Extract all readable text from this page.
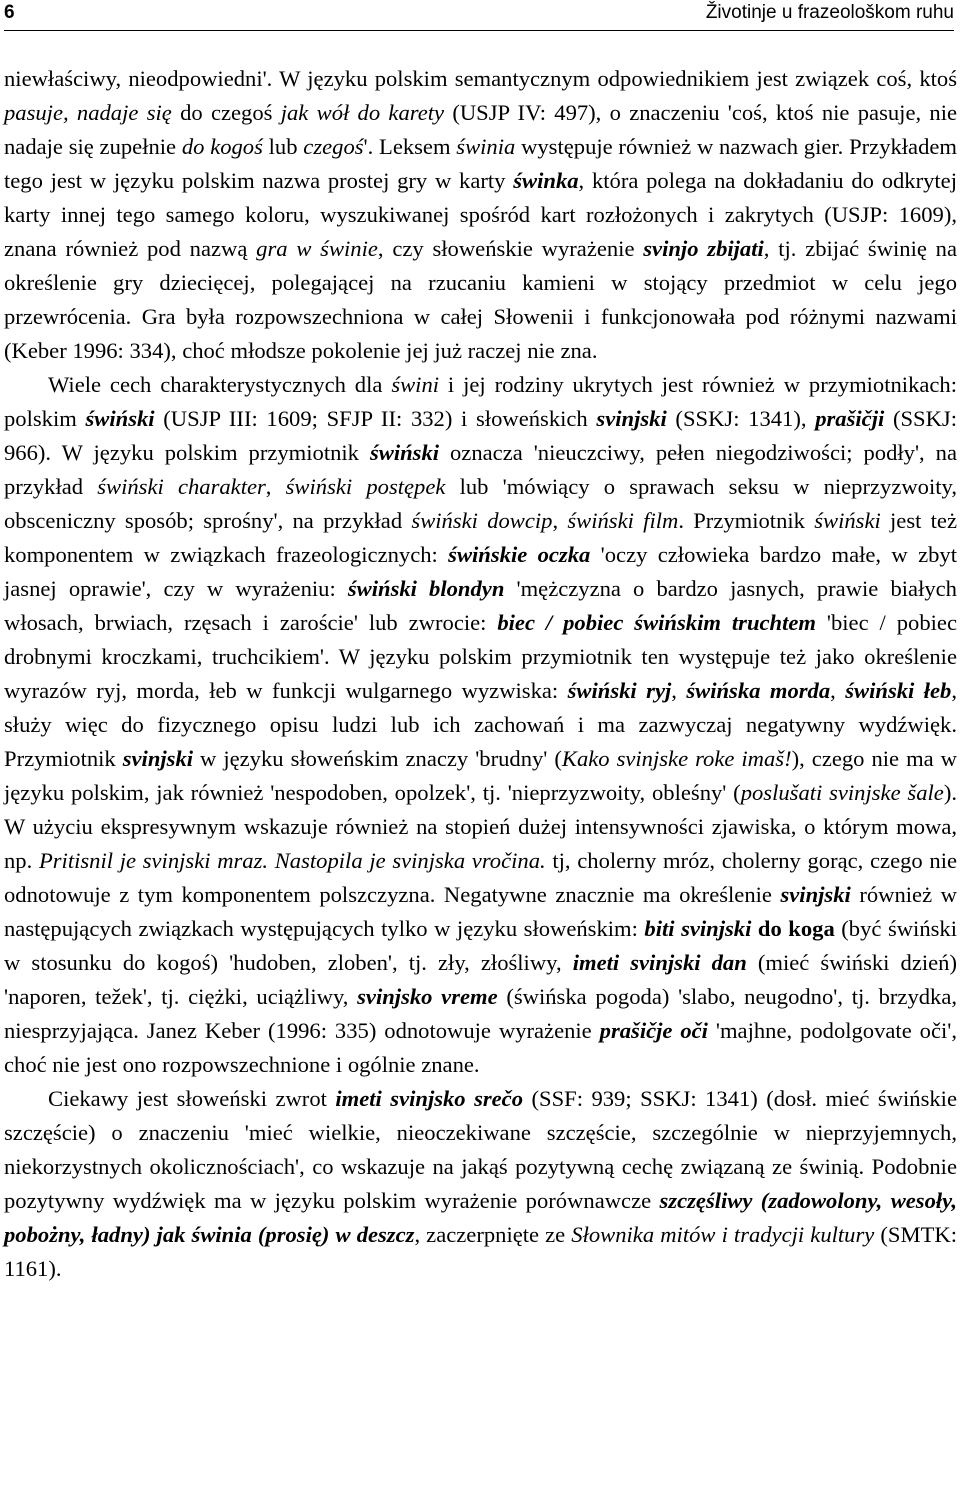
6	Životinje u frazeološkom ruhu

niewłaściwy, nieodpowiedni'. W języku polskim semantycznym odpowiednikiem jest związek coś, ktoś pasuje, nadaje się do czegoś jak wół do karety (USJP IV: 497), o znaczeniu 'coś, ktoś nie pasuje, nie nadaje się zupełnie do kogoś lub czegoś'. Leksem świnia występuje również w nazwach gier. Przykładem tego jest w języku polskim nazwa prostej gry w karty świnka, która polega na dokładaniu do odkrytej karty innej tego samego koloru, wyszukiwanej spośród kart rozłożonych i zakrytych (USJP: 1609), znana również pod nazwą gra w świnie, czy słoweńskie wyrażenie svinjo zbijati, tj. zbijać świnię na określenie gry dziecięcej, polegającej na rzucaniu kamieni w stojący przedmiot w celu jego przewrócenia. Gra była rozpowszechniona w całej Słowenii i funkcjonowała pod różnymi nazwami (Keber 1996: 334), choć młodsze pokolenie jej już raczej nie zna.

Wiele cech charakterystycznych dla świni i jej rodziny ukrytych jest również w przymiotnikach: polskim świński (USJP III: 1609; SFJP II: 332) i słoweńskich svinjski (SSKJ: 1341), prašičji (SSKJ: 966). W języku polskim przymiotnik świński oznacza 'nieuczciwy, pełen niegodziwości; podły', na przykład świński charakter, świński postępek lub 'mówiący o sprawach seksu w nieprzyzwoity, obsceniczny sposób; sprośny', na przykład świński dowcip, świński film. Przymiotnik świński jest też komponentem w związkach frazeologicznych: świńskie oczka 'oczy człowieka bardzo małe, w zbyt jasnej oprawie', czy w wyrażeniu: świński blondyn 'mężczyzna o bardzo jasnych, prawie białych włosach, brwiach, rzęsach i zaroście' lub zwrocie: biec / pobiec świńskim truchtem 'biec / pobiec drobnymi kroczkami, truchcikiem'. W języku polskim przymiotnik ten występuje też jako określenie wyrazów ryj, morda, łeb w funkcji wulgarnego wyzwiska: świński ryj, świńska morda, świński łeb, służy więc do fizycznego opisu ludzi lub ich zachowań i ma zazwyczaj negatywny wydźwięk. Przymiotnik svinjski w języku słoweńskim znaczy 'brudny' (Kako svinjske roke imaš!), czego nie ma w języku polskim, jak również 'nespodoben, opolzek', tj. 'nieprzyzwoity, obleśny' (poslušati svinjske šale). W użyciu ekspresywnym wskazuje również na stopień dużej intensywności zjawiska, o którym mowa, np. Pritisnil je svinjski mraz. Nastopila je svinjska vročina. tj, cholerny mróz, cholerny gorąc, czego nie odnotowuje z tym komponentem polszczyzna. Negatywne znacznie ma określenie svinjski również w następujących związkach występujących tylko w języku słoweńskim: biti svinjski do koga (być świński w stosunku do kogoś) 'hudoben, zloben', tj. zły, złośliwy, imeti svinjski dan (mieć świński dzień) 'naporen, težek', tj. ciężki, uciążliwy, svinjsko vreme (świńska pogoda) 'slabo, neugodno', tj. brzydka, niesprzyjająca. Janez Keber (1996: 335) odnotowuje wyrażenie prašičje oči 'majhne, podolgovate oči', choć nie jest ono rozpowszechnione i ogólnie znane.

Ciekawy jest słoweński zwrot imeti svinjsko srečo (SSF: 939; SSKJ: 1341) (dosł. mieć świńskie szczęście) o znaczeniu 'mieć wielkie, nieoczekiwane szczęście, szczególnie w nieprzyjemnych, niekorzystnych okolicznościach', co wskazuje na jakąś pozytywną cechę związaną ze świnią. Podobnie pozytywny wydźwięk ma w języku polskim wyrażenie porównawcze szczęśliwy (zadowolony, wesoły, pobożny, ładny) jak świnia (prosię) w deszcz, zaczerpnięte ze Słownika mitów i tradycji kultury (SMTK: 1161).
